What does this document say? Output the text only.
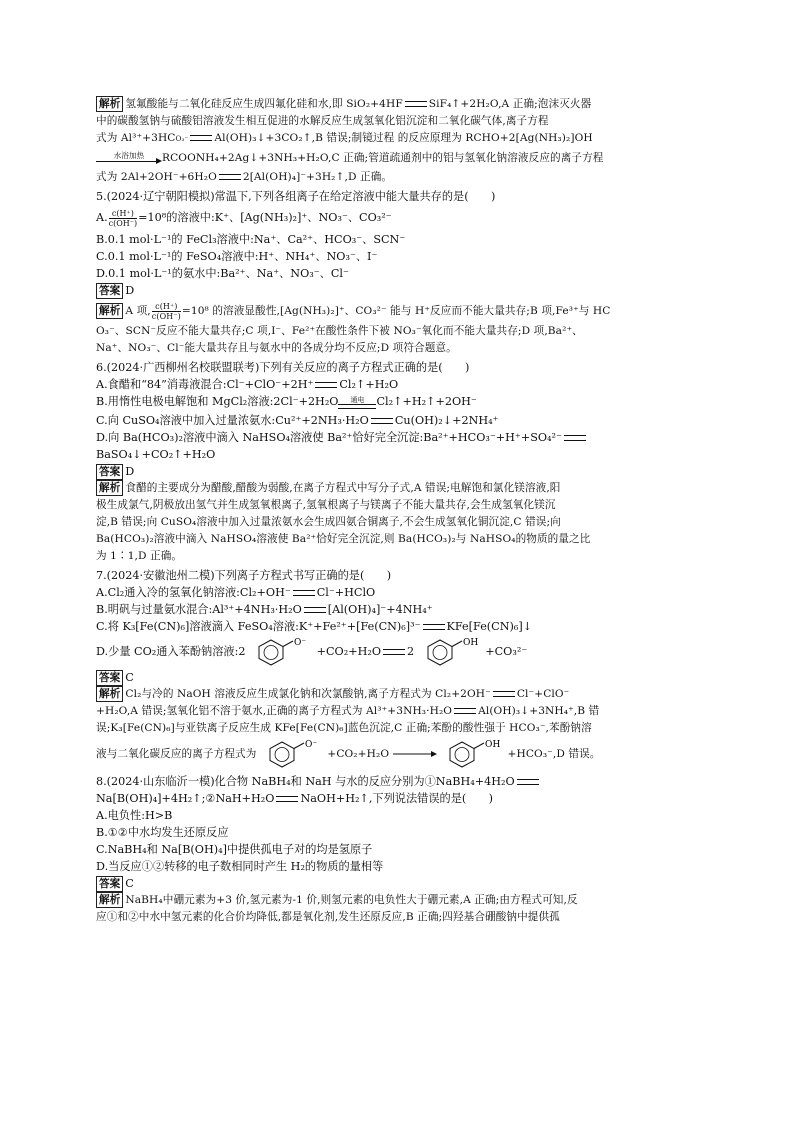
解析 氢氟酸能与二氧化硅反应生成四氟化硅和水,即 SiO₂+4HF SiF₄↑+2H₂O,A 正确;泡沫灭火器
中的碳酸氢钠与硫酸铝溶液发生相互促进的水解反应生成氢氧化铝沉淀和二氧化碳气体,离子方程
式为 Al³⁺+3HCO₃⁻ Al(OH)₃↓+3CO₂↑,B 错误;制镜过程 的反应原理为 RCHO+2[Ag(NH₃)₂]OH
水浴加热	RCOONH₄+2Ag↓+3NH₃+H₂O,C 正确;管道疏通剂中的铝与氢氧化钠溶液反应的离子方程
式为 2Al+2OH⁻+6H₂O 2[Al(OH)₄]⁻+3H₂↑,D 正确。
5.(2024·辽宁朝阳模拟)常温下,下列各组离子在给定溶液中能大量共存的是(　　)
A. $\frac{c(H^+)}{c(OH^-)} =10^8$的溶液中:K⁺、[Ag(NH₃)₂]⁺、NO₃⁻、CO₃²⁻
B.0.1 mol·L⁻¹的 FeCl₃溶液中:Na⁺、Ca²⁺、HCO₃⁻、SCN⁻
C.0.1 mol·L⁻¹的 FeSO₄溶液中:H⁺、NH₄⁺、NO₃⁻、I⁻
D.0.1 mol·L⁻¹的氨水中:Ba²⁺、Na⁺、NO₃⁻、Cl⁻
答案 D
解析 A 项, $\frac{c(H^+)}{c(OH^-)} =10^8$ 的溶液显酸性,[Ag(NH₃)₂]⁺、CO₃²⁻ 能与 H⁺反应而不能大量共存;B 项,Fe³⁺与 HC
O₃⁻、SCN⁻反应不能大量共存;C 项,I⁻、Fe²⁺在酸性条件下被 NO₃⁻氧化而不能大量共存;D 项,Ba²⁺、
Na⁺、NO₃⁻、Cl⁻能大量共存且与氨水中的各成分均不反应;D 项符合题意。
6.(2024·广西柳州名校联盟联考)下列有关反应的离子方程式正确的是(　　)
A.食醋和“84”消毒液混合:Cl⁻+ClO⁻+2H⁺ Cl₂↑+H₂O
B.用惰性电极电解饱和 MgCl₂溶液:2Cl⁻+2H₂O	通电	Cl₂↑+H₂↑+2OH⁻
C.向 CuSO₄溶液中加入过量浓氨水:Cu²⁺+2NH₃·H₂O Cu(OH)₂↓+2NH₄⁺
D.向 Ba(HCO₃)₂溶液中滴入 NaHSO₄溶液使 Ba²⁺恰好完全沉淀:Ba²⁺+HCO₃⁻+H⁺+SO₄²⁻
BaSO₄↓+CO₂↑+H₂O
答案 D
解析 食醋的主要成分为醋酸,醋酸为弱酸,在离子方程式中写分子式,A 错误;电解饱和氯化镁溶液,阳
极生成氯气,阴极放出氢气并生成氢氧根离子,氢氧根离子与镁离子不能大量共存,会生成氢氧化镁沉
淀,B 错误;向 CuSO₄溶液中加入过量浓氨水会生成四氨合铜离子,不会生成氢氧化铜沉淀,C 错误;向
Ba(HCO₃)₂溶液中滴入 NaHSO₄溶液使 Ba²⁺恰好完全沉淀,则 Ba(HCO₃)₂与 NaHSO₄的物质的量之比
为 1∶1,D 正确。
7.(2024·安徽池州二模)下列离子方程式书写正确的是(　　)
A.Cl₂通入冷的氢氧化钠溶液:Cl₂+OH⁻ Cl⁻+HClO
B.明矾与过量氨水混合:Al³⁺+4NH₃·H₂O [Al(OH)₄]⁻+4NH₄⁺
C.将 K₃[Fe(CN)₆]溶液滴入 FeSO₄溶液:K⁺+Fe²⁺+[Fe(CN)₆]³⁻ KFe[Fe(CN)₆]↓
D.少量 CO₂通入苯酚钠溶液:2
O⁻
+CO₂+H₂O 2
OH
+CO₃²⁻
答案 C
解析 Cl₂与冷的 NaOH 溶液反应生成氯化钠和次氯酸钠,离子方程式为 Cl₂+2OH⁻ Cl⁻+ClO⁻
+H₂O,A 错误;氢氧化铝不溶于氨水,正确的离子方程式为 Al³⁺+3NH₃·H₂O Al(OH)₃↓+3NH₄⁺,B 错
误;K₃[Fe(CN)₆]与亚铁离子反应生成 KFe[Fe(CN)₆]蓝色沉淀,C 正确;苯酚的酸性强于 HCO₃⁻,苯酚钠溶
液与二氧化碳反应的离子方程式为
O⁻
+CO₂+H₂O
OH
+HCO₃⁻,D 错误。
8.(2024·山东临沂一模)化合物 NaBH₄和 NaH 与水的反应分别为①NaBH₄+4H₂O
Na[B(OH)₄]+4H₂↑;②NaH+H₂O NaOH+H₂↑,下列说法错误的是(　　)
A.电负性:H>B
B.①②中水均发生还原反应
C.NaBH₄和 Na[B(OH)₄]中提供孤电子对的均是氢原子
D.当反应①②转移的电子数相同时产生 H₂的物质的量相等
答案 C
解析 NaBH₄中硼元素为+3 价,氢元素为-1 价,则氢元素的电负性大于硼元素,A 正确;由方程式可知,反
应①和②中水中氢元素的化合价均降低,都是氧化剂,发生还原反应,B 正确;四羟基合硼酸钠中提供孤
